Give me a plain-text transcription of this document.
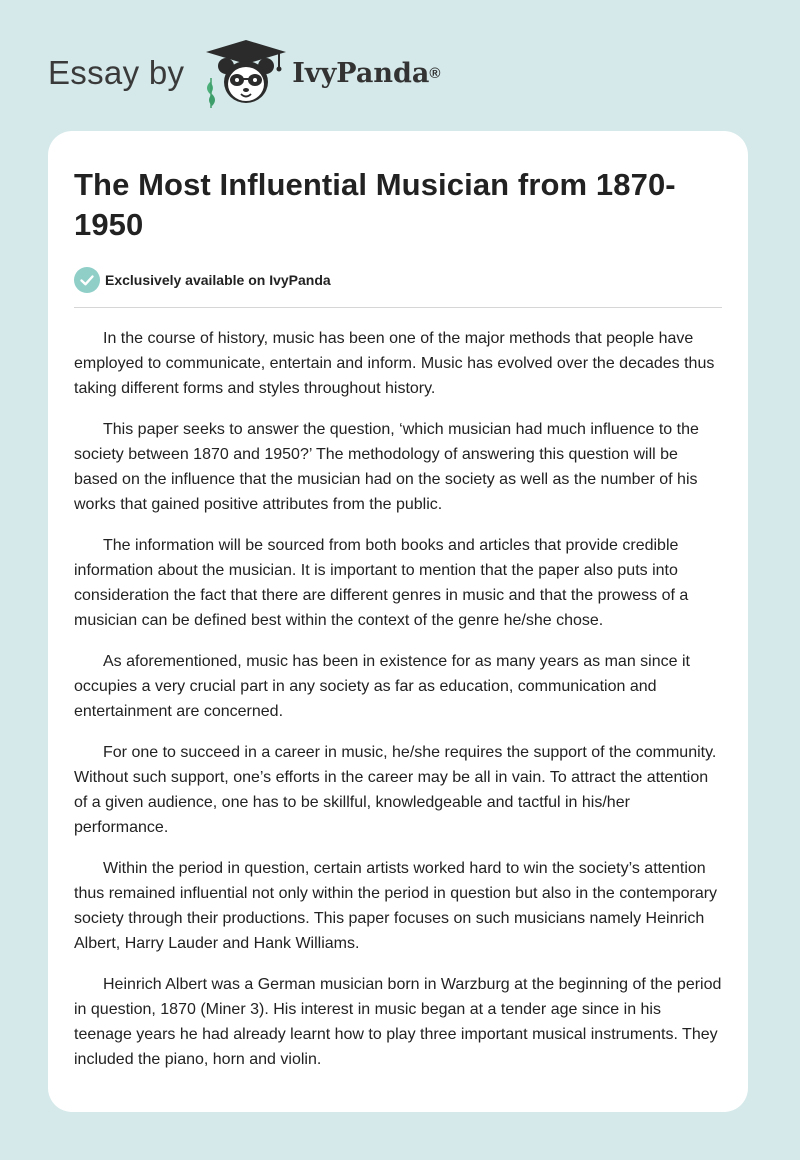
Essay by	IvyPanda ®
The Most Influential Musician from 1870-1950
Exclusively available on IvyPanda

In the course of history, music has been one of the major methods that people have employed to communicate, entertain and inform. Music has evolved over the decades thus taking different forms and styles throughout history.

This paper seeks to answer the question, ‘which musician had much influence to the society between 1870 and 1950?’ The methodology of answering this question will be based on the influence that the musician had on the society as well as the number of his works that gained positive attributes from the public.

The information will be sourced from both books and articles that provide credible information about the musician. It is important to mention that the paper also puts into consideration the fact that there are different genres in music and that the prowess of a musician can be defined best within the context of the genre he/she chose.

As aforementioned, music has been in existence for as many years as man since it occupies a very crucial part in any society as far as education, communication and entertainment are concerned.

For one to succeed in a career in music, he/she requires the support of the community. Without such support, one’s efforts in the career may be all in vain. To attract the attention of a given audience, one has to be skillful, knowledgeable and tactful in his/her performance.

Within the period in question, certain artists worked hard to win the society’s attention thus remained influential not only within the period in question but also in the contemporary society through their productions. This paper focuses on such musicians namely Heinrich Albert, Harry Lauder and Hank Williams.

Heinrich Albert was a German musician born in Warzburg at the beginning of the period in question, 1870 (Miner 3). His interest in music began at a tender age since in his teenage years he had already learnt how to play three important musical instruments. They included the piano, horn and violin.
